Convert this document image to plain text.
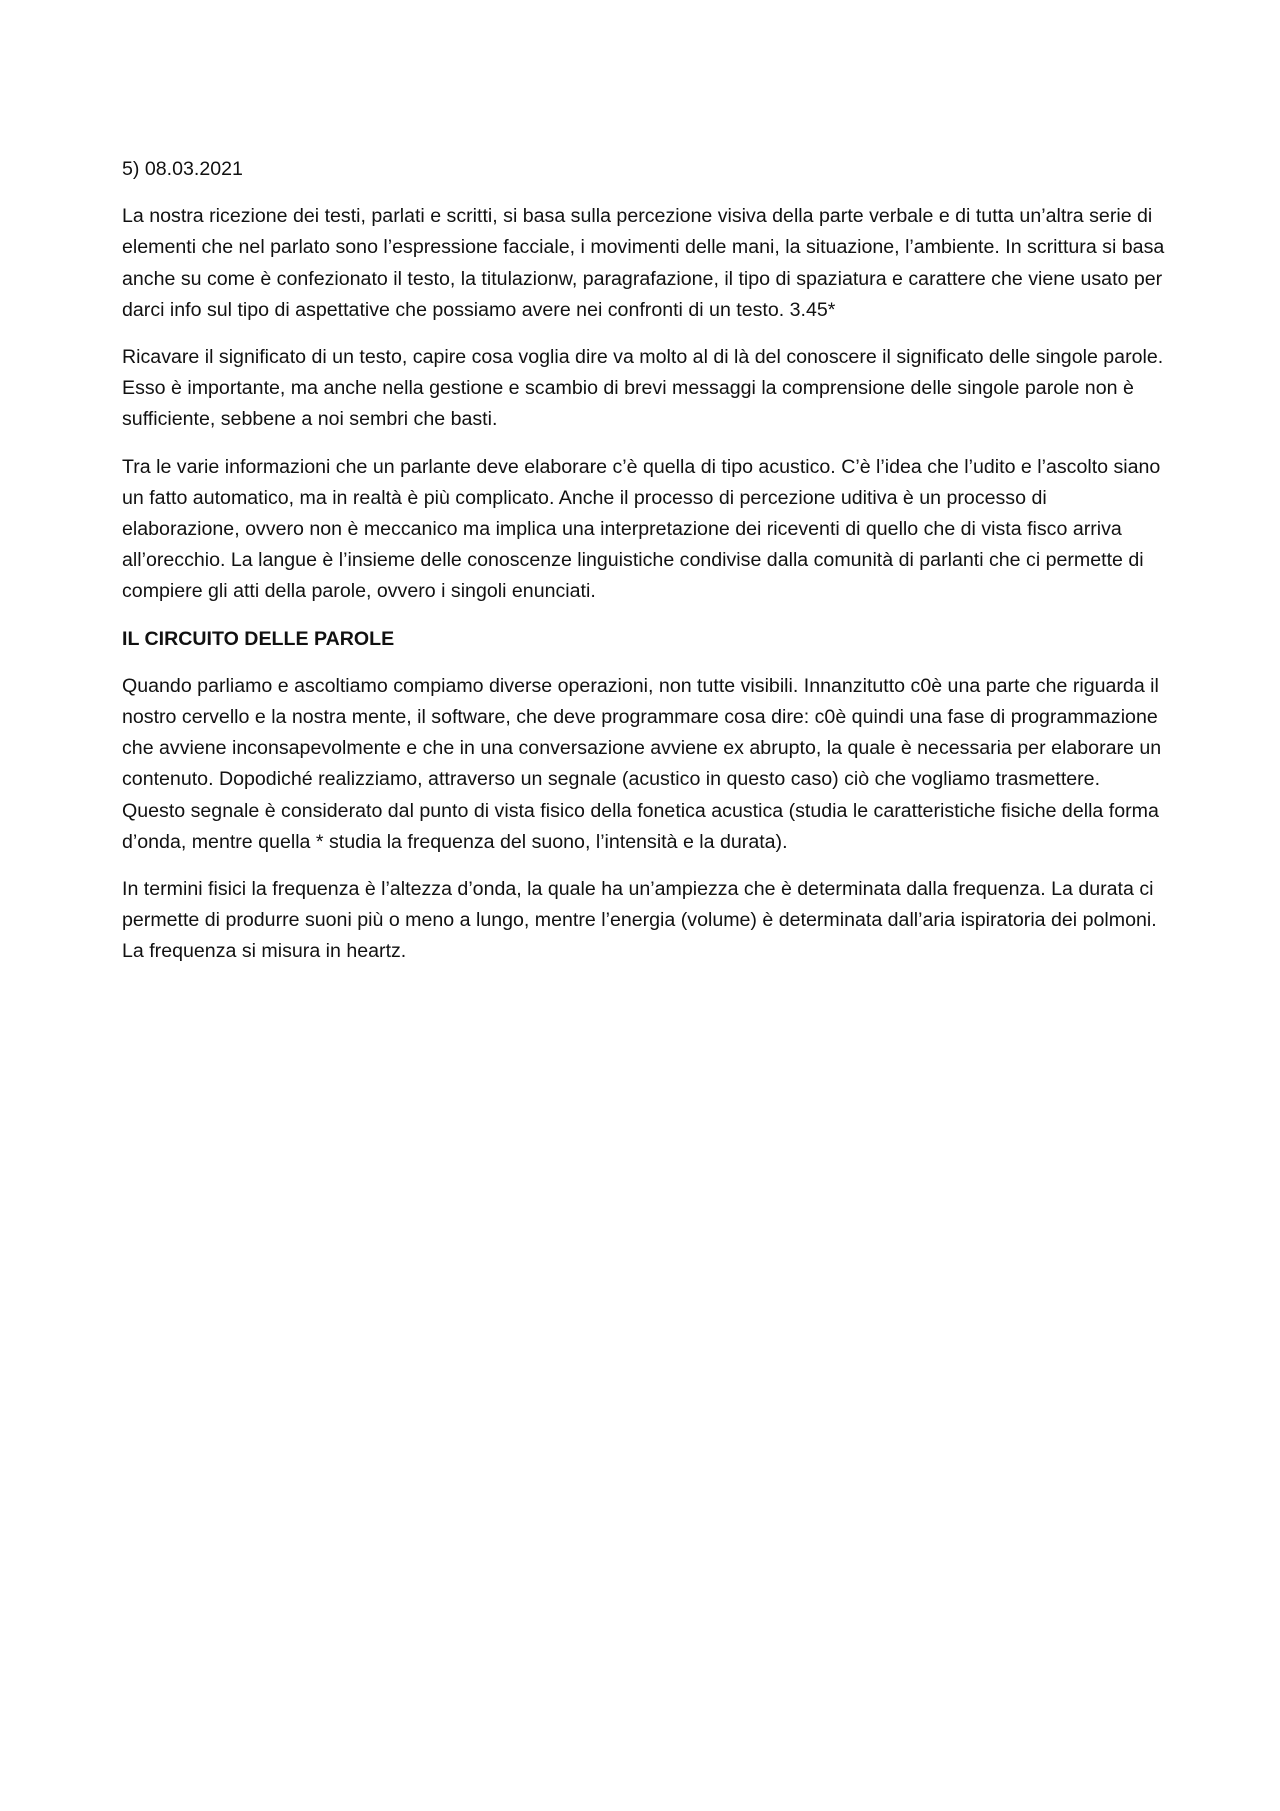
5) 08.03.2021

La nostra ricezione dei testi, parlati e scritti, si basa sulla percezione visiva della parte verbale e di tutta un’altra serie di elementi che nel parlato sono l’espressione facciale, i movimenti delle mani, la situazione, l’ambiente. In scrittura si basa anche su come è confezionato il testo, la titulazionw, paragrafazione, il tipo di spaziatura e carattere che viene usato per darci info sul tipo di aspettative che possiamo avere nei confronti di un testo. 3.45*

Ricavare il significato di un testo, capire cosa voglia dire va molto al di là del conoscere il significato delle singole parole. Esso è importante, ma anche nella gestione e scambio di brevi messaggi la comprensione delle singole parole non è sufficiente, sebbene a noi sembri che basti.

Tra le varie informazioni che un parlante deve elaborare c’è quella di tipo acustico. C’è l’idea che l’udito e l’ascolto siano un fatto automatico, ma in realtà è più complicato. Anche il processo di percezione uditiva è un processo di elaborazione, ovvero non è meccanico ma implica una interpretazione dei riceventi di quello che di vista fisco arriva all’orecchio. La langue è l’insieme delle conoscenze linguistiche condivise dalla comunità di parlanti che ci permette di compiere gli atti della parole, ovvero i singoli enunciati.

IL CIRCUITO DELLE PAROLE

Quando parliamo e ascoltiamo compiamo diverse operazioni, non tutte visibili. Innanzitutto c0è una parte che riguarda il nostro cervello e la nostra mente, il software, che deve programmare cosa dire: c0è quindi una fase di programmazione che avviene inconsapevolmente e che in una conversazione avviene ex abrupto, la quale è necessaria per elaborare un contenuto. Dopodiché realizziamo, attraverso un segnale (acustico in questo caso) ciò che vogliamo trasmettere. Questo segnale è considerato dal punto di vista fisico della fonetica acustica (studia le caratteristiche fisiche della forma d’onda, mentre quella * studia la frequenza del suono, l’intensità e la durata).

In termini fisici la frequenza è l’altezza d’onda, la quale ha un’ampiezza che è determinata dalla frequenza. La durata ci permette di produrre suoni più o meno a lungo, mentre l’energia (volume) è determinata dall’aria ispiratoria dei polmoni. La frequenza si misura in heartz.
